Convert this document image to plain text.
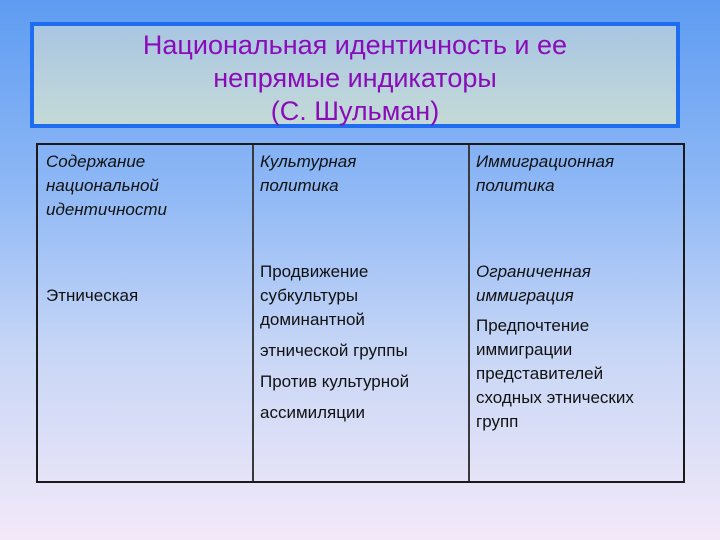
Национальная идентичность и ее
непрямые индикаторы
(С. Шульман)
Содержание
национальной
идентичности
Культурная
политика
Иммиграционная
политика
Этническая
Продвижение
субкультуры
доминантной
этнической группы
Против культурной
ассимиляции
Ограниченная
иммиграция
Предпочтение
иммиграции
представителей
сходных этнических
групп
